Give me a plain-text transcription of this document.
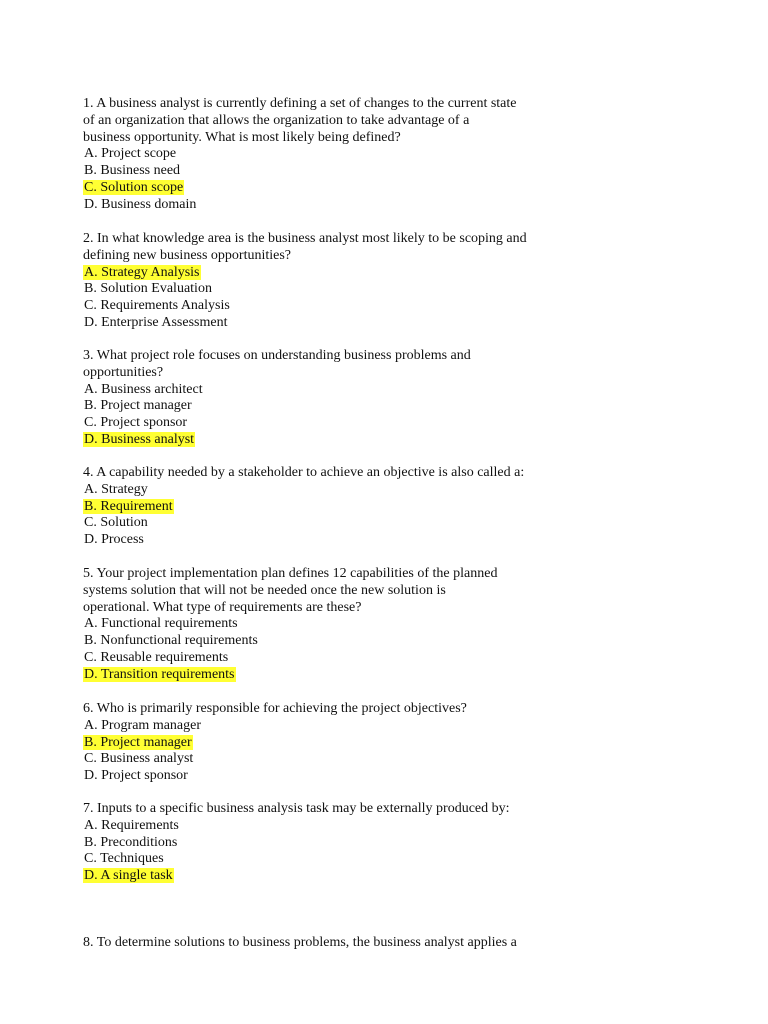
1. A business analyst is currently defining a set of changes to the current state
of an organization that allows the organization to take advantage of a
business opportunity. What is most likely being defined?
A. Project scope
B. Business need
C. Solution scope
D. Business domain
2. In what knowledge area is the business analyst most likely to be scoping and
defining new business opportunities?
A. Strategy Analysis
B. Solution Evaluation
C. Requirements Analysis
D. Enterprise Assessment
3. What project role focuses on understanding business problems and
opportunities?
A. Business architect
B. Project manager
C. Project sponsor
D. Business analyst
4. A capability needed by a stakeholder to achieve an objective is also called a:
A. Strategy
B. Requirement
C. Solution
D. Process
5. Your project implementation plan defines 12 capabilities of the planned
systems solution that will not be needed once the new solution is
operational. What type of requirements are these?
A. Functional requirements
B. Nonfunctional requirements
C. Reusable requirements
D. Transition requirements
6. Who is primarily responsible for achieving the project objectives?
A. Program manager
B. Project manager
C. Business analyst
D. Project sponsor
7. Inputs to a specific business analysis task may be externally produced by:
A. Requirements
B. Preconditions
C. Techniques
D. A single task
8. To determine solutions to business problems, the business analyst applies a
